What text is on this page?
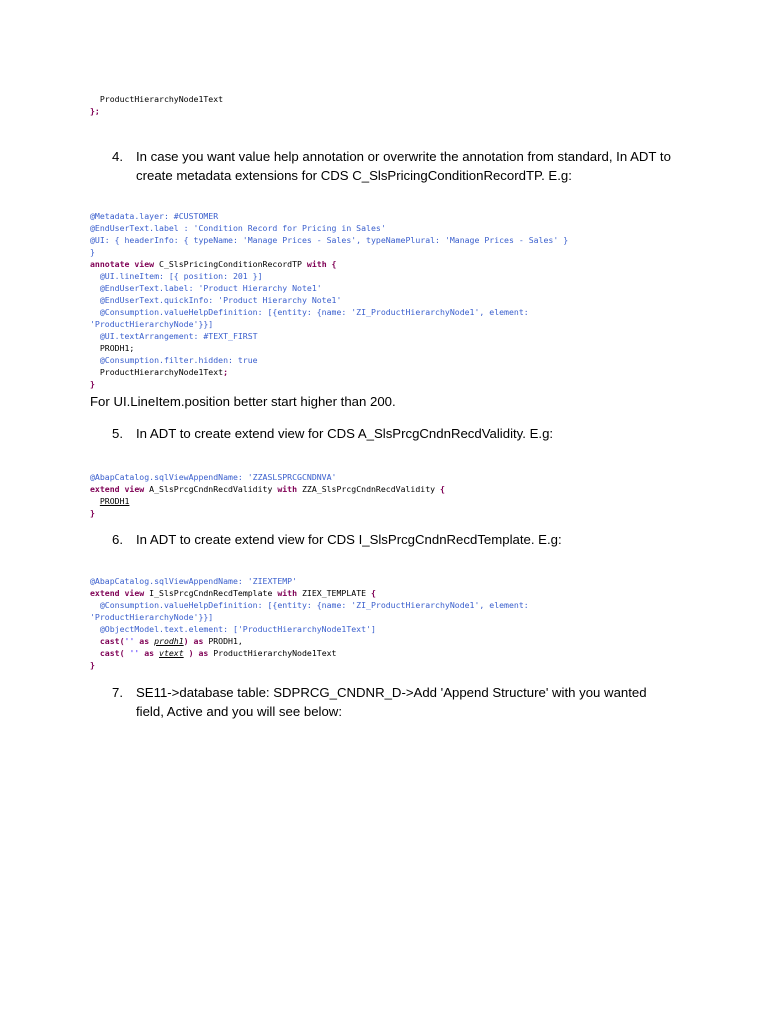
ProductHierarchyNode1Text
};
4. In case you want value help annotation or overwrite the annotation from standard, In ADT to create metadata extensions for CDS C_SlsPricingConditionRecordTP. E.g:
@Metadata.layer: #CUSTOMER
@EndUserText.label : 'Condition Record for Pricing in Sales'
@UI: { headerInfo: { typeName: 'Manage Prices - Sales', typeNamePlural: 'Manage Prices - Sales' }
}
annotate view C_SlsPricingConditionRecordTP with {
@UI.lineItem: [{ position: 201 }]
@EndUserText.label: 'Product Hierarchy Note1'
@EndUserText.quickInfo: 'Product Hierarchy Note1'
@Consumption.valueHelpDefinition: [{entity: {name: 'ZI_ProductHierarchyNode1', element:
'ProductHierarchyNode'}}]
@UI.textArrangement: #TEXT_FIRST
PRODH1;
@Consumption.filter.hidden: true
ProductHierarchyNode1Text;
}

For UI.LineItem.position better start higher than 200.

5. In ADT to create extend view for CDS A_SlsPrcgCndnRecdValidity. E.g:
@AbapCatalog.sqlViewAppendName: 'ZZASLSPRCGCNDNVA'
extend view A_SlsPrcgCndnRecdValidity with ZZA_SlsPrcgCndnRecdValidity {
PRODH1
}
6. In ADT to create extend view for CDS I_SlsPrcgCndnRecdTemplate. E.g:
@AbapCatalog.sqlViewAppendName: 'ZIEXTEMP'
extend view I_SlsPrcgCndnRecdTemplate with ZIEX_TEMPLATE {
@Consumption.valueHelpDefinition: [{entity: {name: 'ZI_ProductHierarchyNode1', element:
'ProductHierarchyNode'}}]
@ObjectModel.text.element: ['ProductHierarchyNode1Text']
cast('' as prodh1) as PRODH1,
cast( '' as vtext ) as ProductHierarchyNode1Text
}
7. SE11->database table: SDPRCG_CNDNR_D->Add 'Append Structure' with you wanted field, Active and you will see below:
